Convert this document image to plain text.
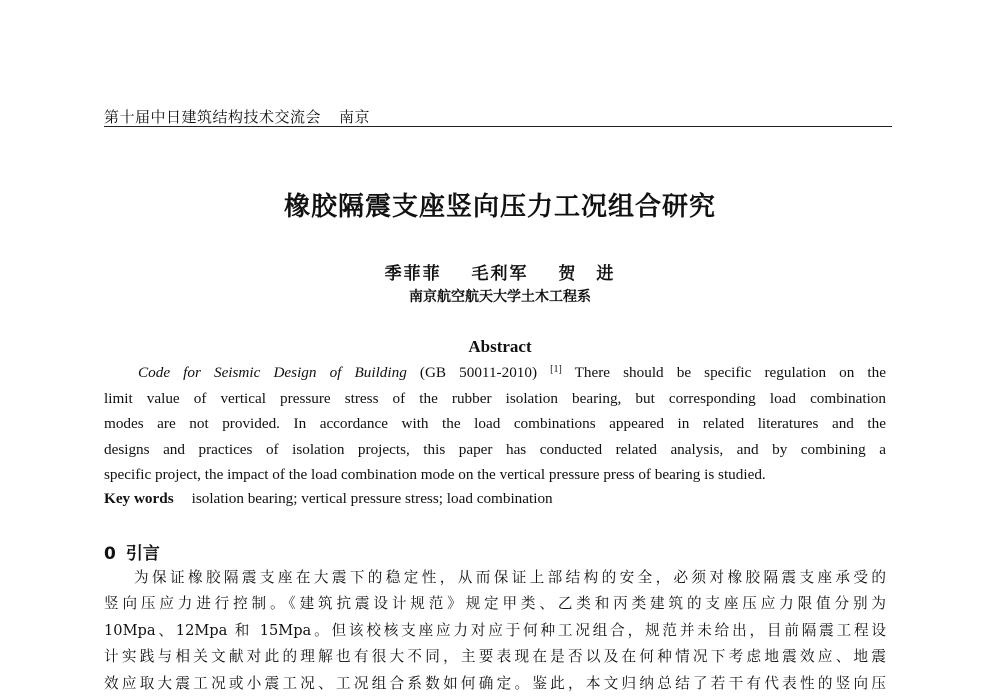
第十届中日建筑结构技术交流会 南京
橡胶隔震支座竖向压力工况组合研究
季菲菲 毛利军 贺　进
南京航空航天大学土木工程系
Abstract
Code for Seismic Design of Building (GB 50011-2010) [1] There should be specific regulation on the
limit value of vertical pressure stress of the rubber isolation bearing, but corresponding load combination
modes are not provided. In accordance with the load combinations appeared in related literatures and the
designs and practices of isolation projects, this paper has conducted related analysis, and by combining a
specific project, the impact of the load combination mode on the vertical pressure press of bearing is studied.
Key words isolation bearing; vertical pressure stress; load combination
0 引言
为保证橡胶隔震支座在大震下的稳定性，从而保证上部结构的安全，必须对橡胶隔震支座承受的
竖向压应力进行控制。《建筑抗震设计规范》规定甲类、乙类和丙类建筑的支座压应力限值分别为
10Mpa、12Mpa 和 15Mpa。但该校核支座应力对应于何种工况组合，规范并未给出，目前隔震工程设
计实践与相关文献对此的理解也有很大不同，主要表现在是否以及在何种情况下考虑地震效应、地震
效应取大震工况或小震工况、工况组合系数如何确定。鉴此，本文归纳总结了若干有代表性的竖向压
